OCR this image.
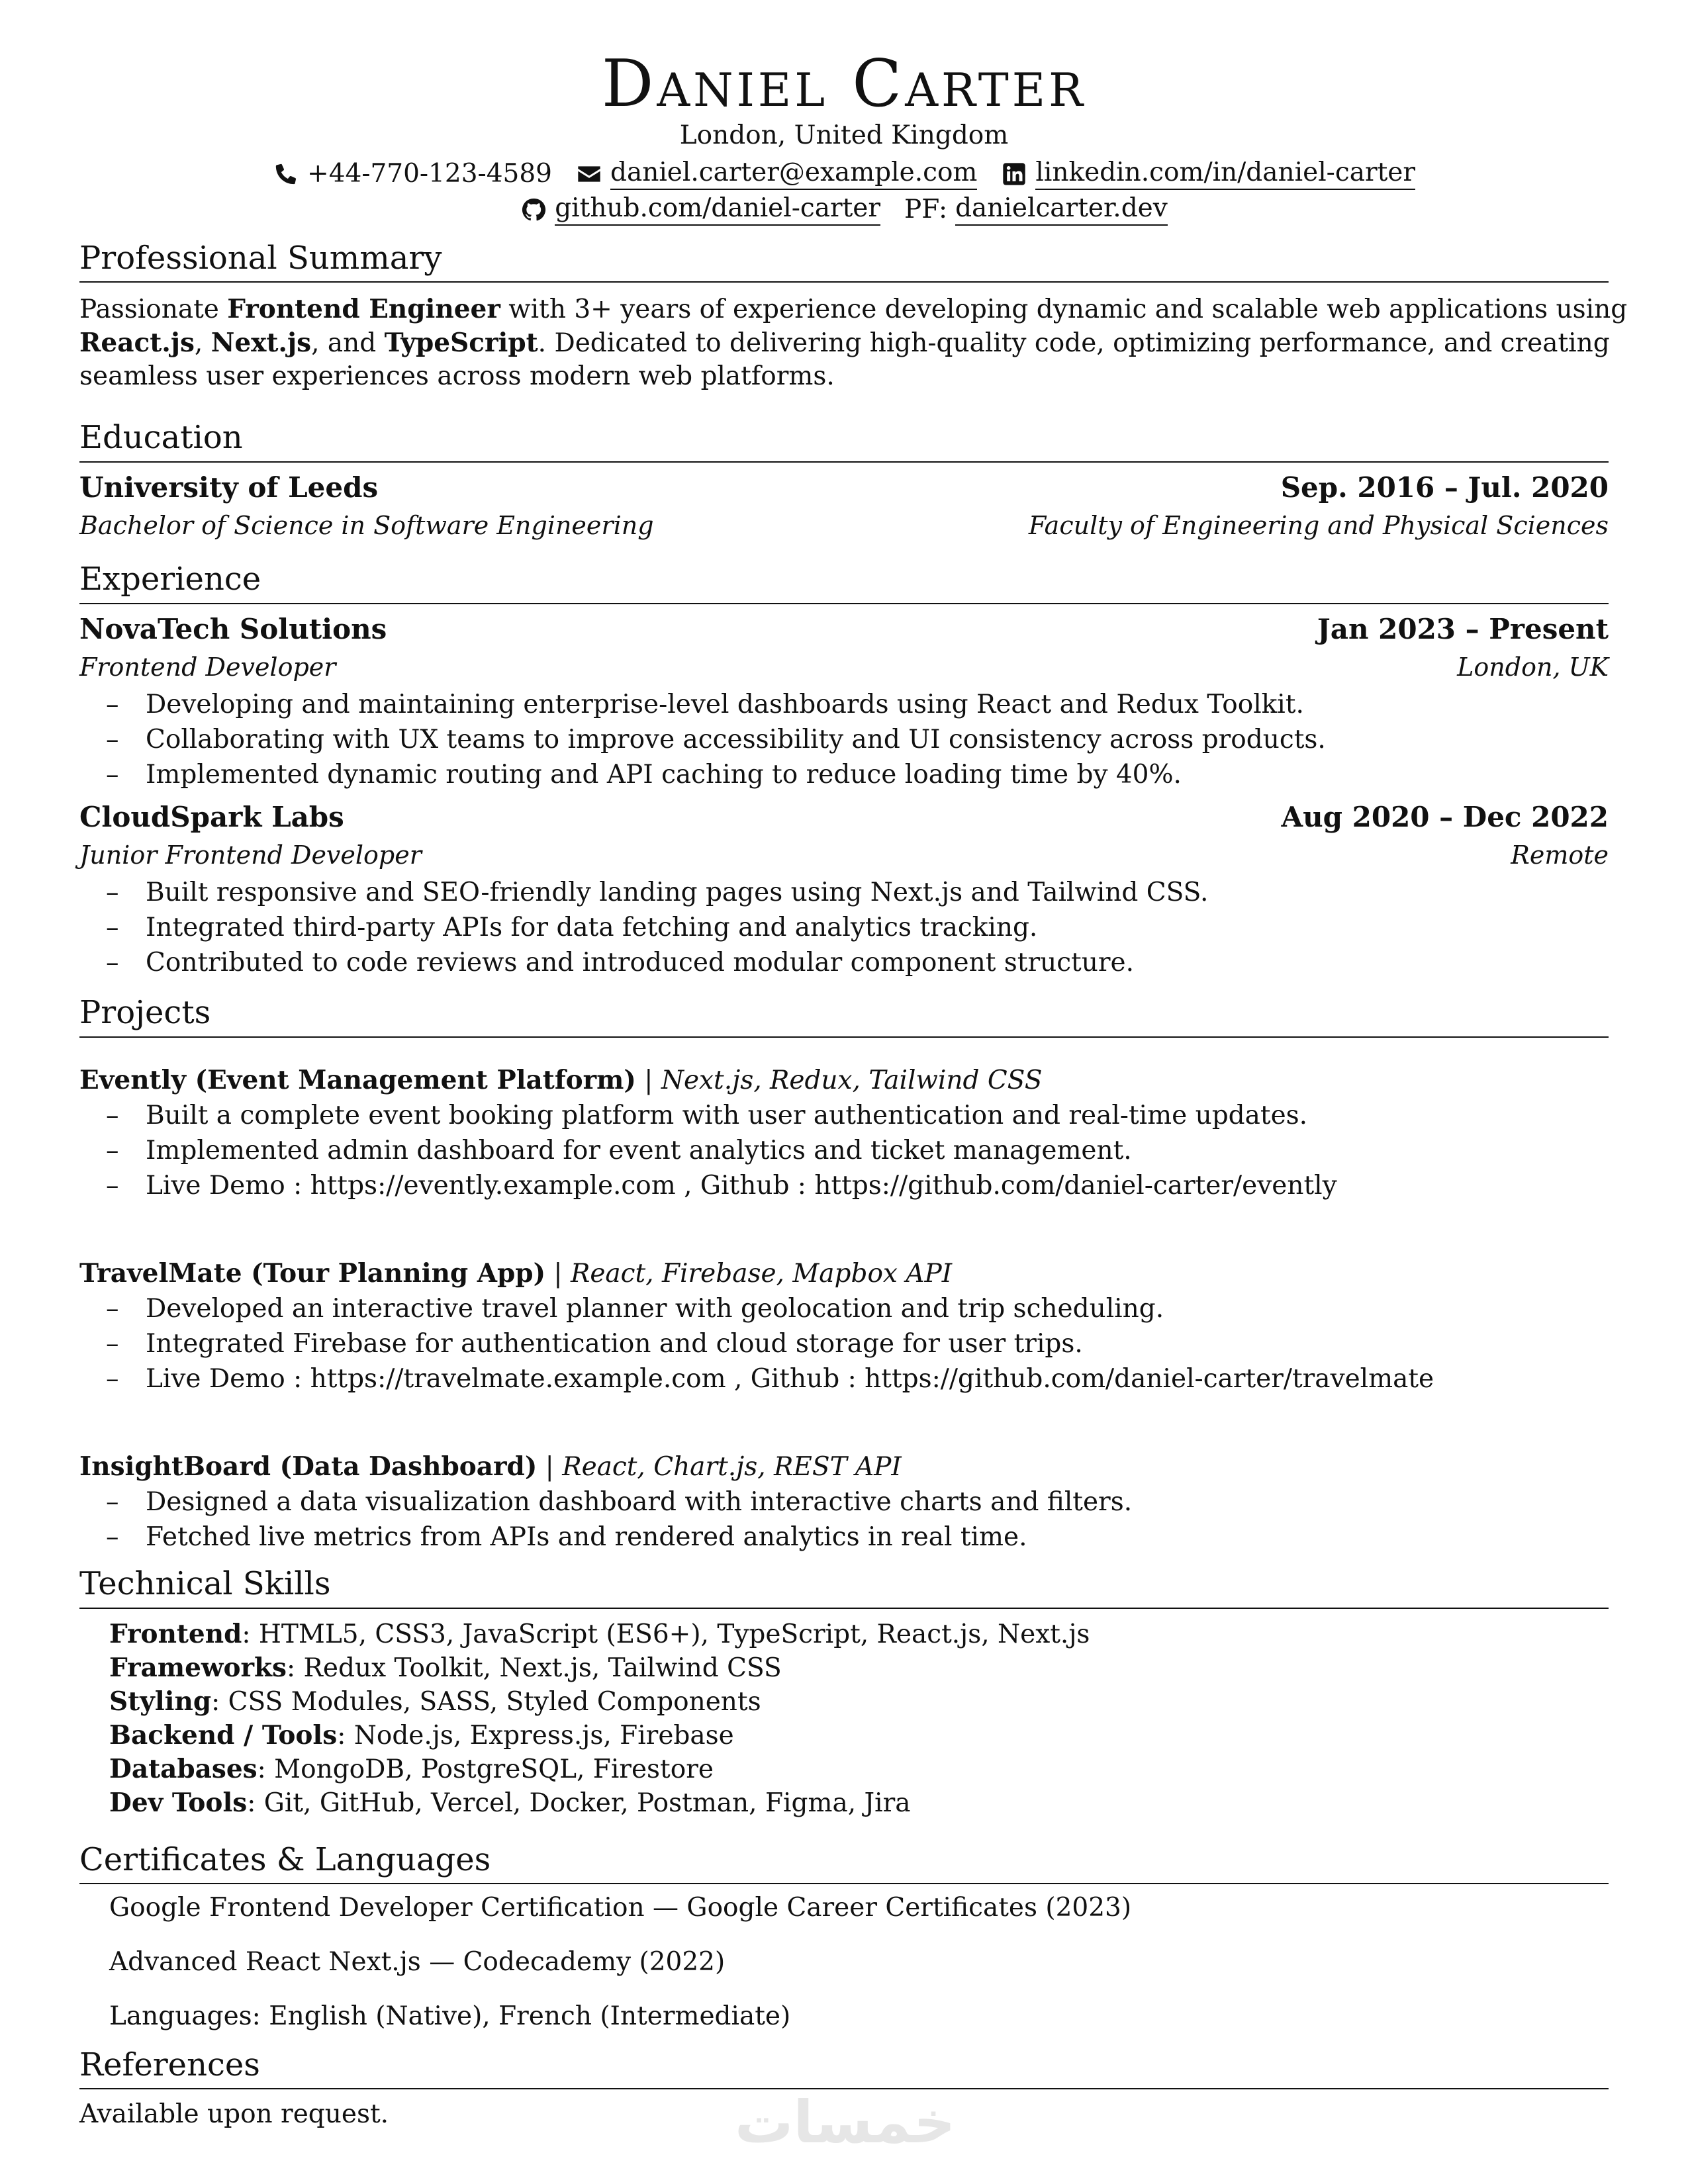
Daniel Carter
London, United Kingdom
+44-770-123-4589 daniel.carter@example.com linkedin.com/in/daniel-carter
github.com/daniel-carter PF: danielcarter.dev
Professional Summary
Passionate Frontend Engineer with 3+ years of experience developing dynamic and scalable web applications using
React.js, Next.js, and TypeScript. Dedicated to delivering high-quality code, optimizing performance, and creating
seamless user experiences across modern web platforms.
Education
University of Leeds	Sep. 2016 – Jul. 2020
Bachelor of Science in Software Engineering	Faculty of Engineering and Physical Sciences
Experience
NovaTech Solutions	Jan 2023 – Present
Frontend Developer	London, UK
– Developing and maintaining enterprise-level dashboards using React and Redux Toolkit.
– Collaborating with UX teams to improve accessibility and UI consistency across products.
– Implemented dynamic routing and API caching to reduce loading time by 40%.
CloudSpark Labs	Aug 2020 – Dec 2022
Junior Frontend Developer	Remote
– Built responsive and SEO-friendly landing pages using Next.js and Tailwind CSS.
– Integrated third-party APIs for data fetching and analytics tracking.
– Contributed to code reviews and introduced modular component structure.
Projects
Evently (Event Management Platform) | Next.js, Redux, Tailwind CSS
– Built a complete event booking platform with user authentication and real-time updates.
– Implemented admin dashboard for event analytics and ticket management.
– Live Demo : https://evently.example.com , Github : https://github.com/daniel-carter/evently
TravelMate (Tour Planning App) | React, Firebase, Mapbox API
– Developed an interactive travel planner with geolocation and trip scheduling.
– Integrated Firebase for authentication and cloud storage for user trips.
– Live Demo : https://travelmate.example.com , Github : https://github.com/daniel-carter/travelmate
InsightBoard (Data Dashboard) | React, Chart.js, REST API
– Designed a data visualization dashboard with interactive charts and filters.
– Fetched live metrics from APIs and rendered analytics in real time.
Technical Skills
Frontend: HTML5, CSS3, JavaScript (ES6+), TypeScript, React.js, Next.js
Frameworks: Redux Toolkit, Next.js, Tailwind CSS
Styling: CSS Modules, SASS, Styled Components
Backend / Tools: Node.js, Express.js, Firebase
Databases: MongoDB, PostgreSQL, Firestore
Dev Tools: Git, GitHub, Vercel, Docker, Postman, Figma, Jira
Certificates & Languages
Google Frontend Developer Certification — Google Career Certificates (2023)
Advanced React Next.js — Codecademy (2022)
Languages: English (Native), French (Intermediate)
References
Available upon request.	خمسات
